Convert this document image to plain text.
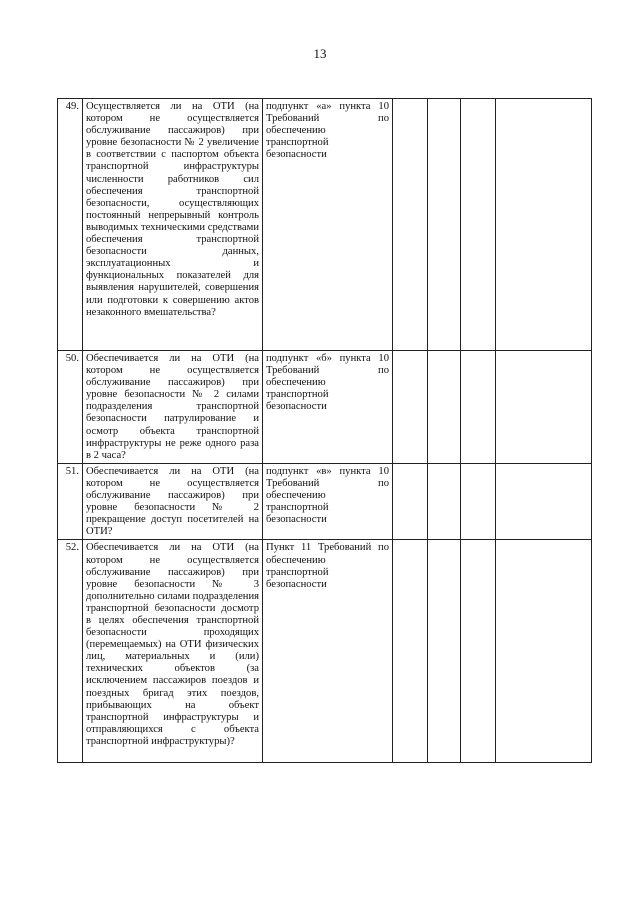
13
49.	Осуществляется ли на ОТИ (на котором не осуществляется обслуживание пассажиров) при уровне безопасности № 2 увеличение в соответствии с паспортом объекта транспортной инфраструктуры численности работников сил обеспечения транспортной безопасности, осуществляющих постоянный непрерывный контроль выводимых техническими средствами обеспечения транспортной безопасности данных, эксплуатационных и функциональных показателей для выявления нарушителей, совершения или подготовки к совершению актов незаконного вмешательства?	подпункт «а» пункта 10 Требований по обеспечению транспортной безопасности				

50.	Обеспечивается ли на ОТИ (на котором не осуществляется обслуживание пассажиров) при уровне безопасности № 2 силами подразделения транспортной безопасности патрулирование и осмотр объекта транспортной инфраструктуры не реже одного раза в 2 часа?	подпункт «б» пункта 10 Требований по обеспечению транспортной безопасности				

51.	Обеспечивается ли на ОТИ (на котором не осуществляется обслуживание пассажиров) при уровне безопасности № 2 прекращение доступ посетителей на ОТИ?	подпункт «в» пункта 10 Требований по обеспечению транспортной безопасности				

52.	Обеспечивается ли на ОТИ (на котором не осуществляется обслуживание пассажиров) при уровне безопасности № 3 дополнительно силами подразделения транспортной безопасности досмотр в целях обеспечения транспортной безопасности проходящих (перемещаемых) на ОТИ физических лиц, материальных и (или) технических объектов (за исключением пассажиров поездов и поездных бригад этих поездов, прибывающих на объект транспортной инфраструктуры и отправляющихся с объекта транспортной инфраструктуры)?	Пункт 11 Требований по обеспечению транспортной безопасности				
